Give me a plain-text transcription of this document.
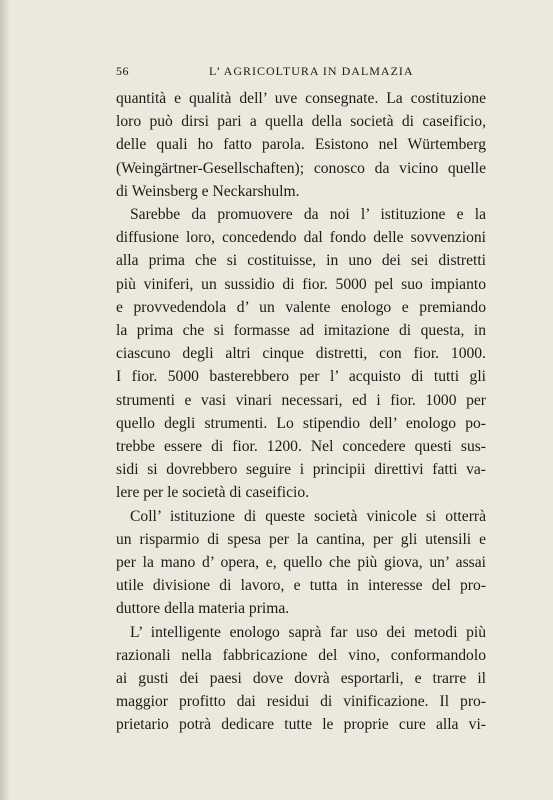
56	L’ AGRICOLTURA IN DALMAZIA
quantità e qualità dell’ uve consegnate. La costituzione
loro può dirsi pari a quella della società di caseificio,
delle quali ho fatto parola. Esistono nel Würtemberg
(Weingärtner-Gesellschaften); conosco da vicino quelle
di Weinsberg e Neckarshulm.
Sarebbe da promuovere da noi l’ istituzione e la
diffusione loro, concedendo dal fondo delle sovvenzioni
alla prima che si costituisse, in uno dei sei distretti
più viniferi, un sussidio di fior. 5000 pel suo impianto
e provvedendola d’ un valente enologo e premiando
la prima che si formasse ad imitazione di questa, in
ciascuno degli altri cinque distretti, con fior. 1000.
I fior. 5000 basterebbero per l’ acquisto di tutti gli
strumenti e vasi vinari necessari, ed i fior. 1000 per
quello degli strumenti. Lo stipendio dell’ enologo po-
trebbe essere di fior. 1200. Nel concedere questi sus-
sidi si dovrebbero seguire i principii direttivi fatti va-
lere per le società di caseificio.
Coll’ istituzione di queste società vinicole si otterrà
un risparmio di spesa per la cantina, per gli utensili e
per la mano d’ opera, e, quello che più giova, un’ assai
utile divisione di lavoro, e tutta in interesse del pro-
duttore della materia prima.
L’ intelligente enologo saprà far uso dei metodi più
razionali nella fabbricazione del vino, conformandolo
ai gusti dei paesi dove dovrà esportarli, e trarre il
maggior profitto dai residui di vinificazione. Il pro-
prietario potrà dedicare tutte le proprie cure alla vi-
